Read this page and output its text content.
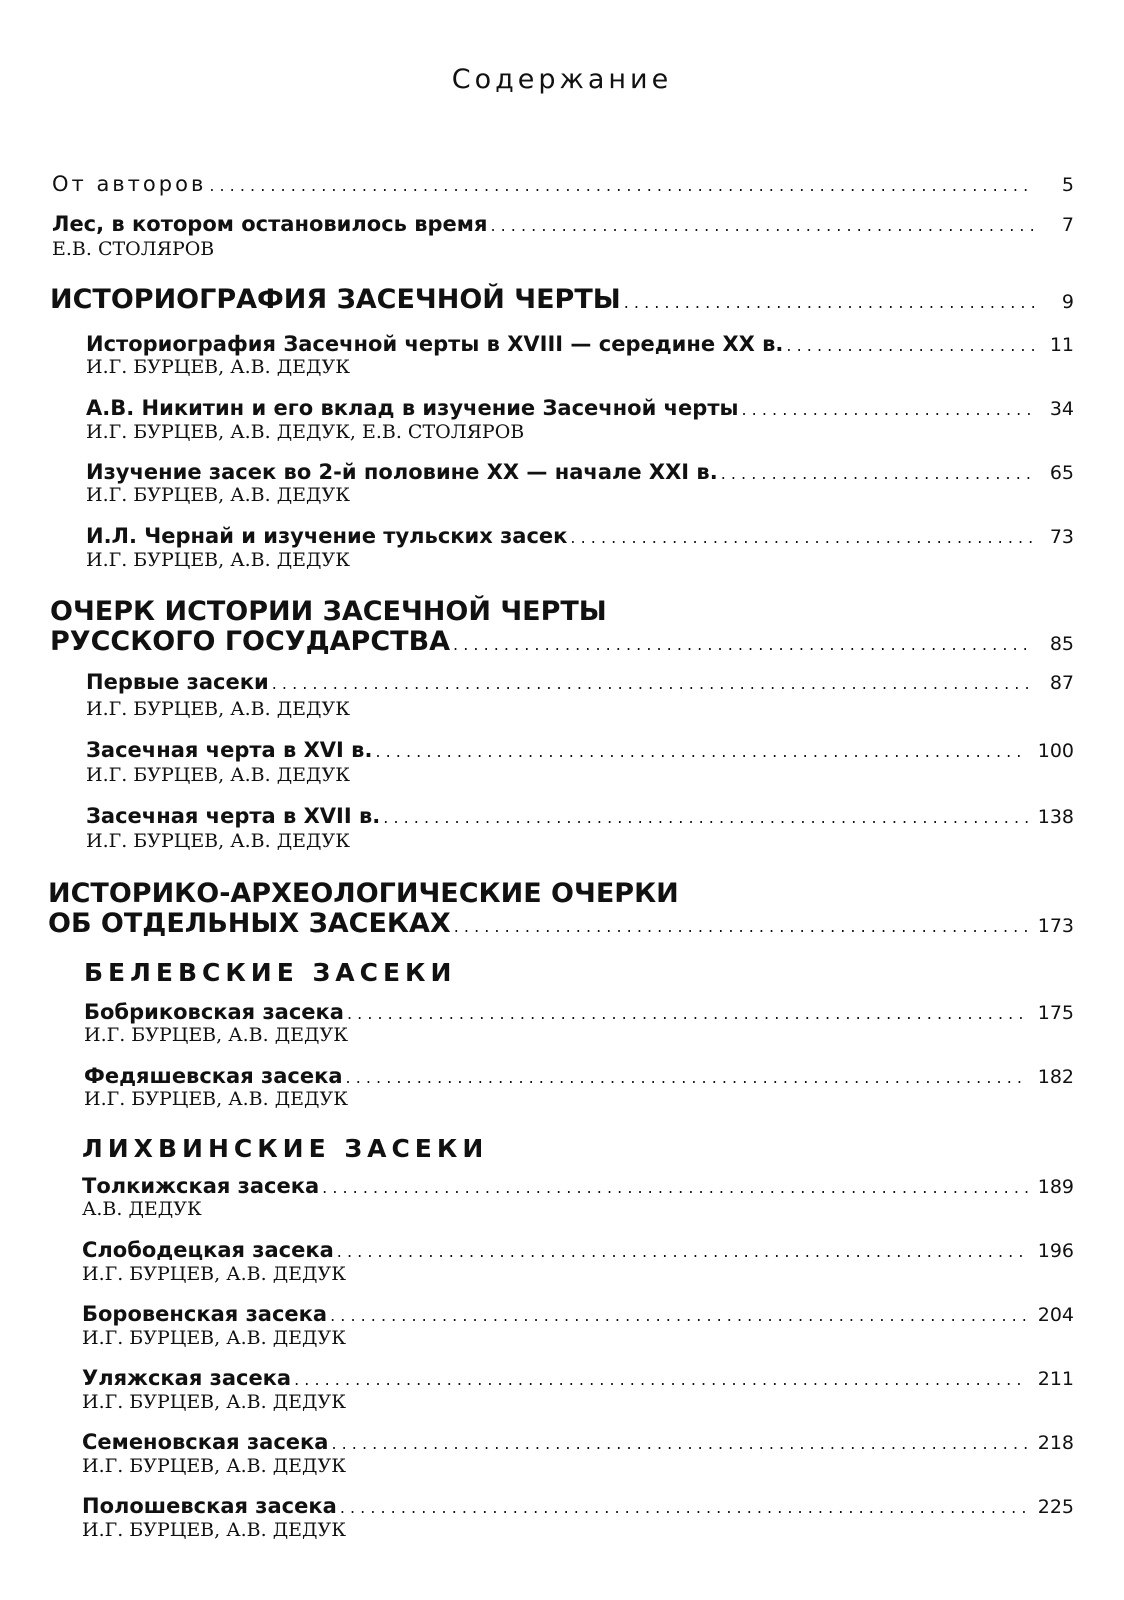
Содержание
От авторов . . .	5
Лес, в котором остановилось время . . .	7
Е.В. СТОЛЯРОВ
ИСТОРИОГРАФИЯ ЗАСЕЧНОЙ ЧЕРТЫ . . .	9
Историография Засечной черты в XVIII — середине XX в. . . .	11
И.Г. БУРЦЕВ, А.В. ДЕДУК
А.В. Никитин и его вклад в изучение Засечной черты . . .	34
И.Г. БУРЦЕВ, А.В. ДЕДУК, Е.В. СТОЛЯРОВ
Изучение засек во 2-й половине XX — начале XXI в. . . .	65
И.Г. БУРЦЕВ, А.В. ДЕДУК
И.Л. Чернай и изучение тульских засек . . .	73
И.Г. БУРЦЕВ, А.В. ДЕДУК
ОЧЕРК ИСТОРИИ ЗАСЕЧНОЙ ЧЕРТЫ
РУССКОГО ГОСУДАРСТВА . . .	85
Первые засеки . . .	87
И.Г. БУРЦЕВ, А.В. ДЕДУК
Засечная черта в XVI в. . . .	100
И.Г. БУРЦЕВ, А.В. ДЕДУК
Засечная черта в XVII в. . . .	138
И.Г. БУРЦЕВ, А.В. ДЕДУК
ИСТОРИКО-АРХЕОЛОГИЧЕСКИЕ ОЧЕРКИ
ОБ ОТДЕЛЬНЫХ ЗАСЕКАХ . . .	173
БЕЛЕВСКИЕ ЗАСЕКИ
Бобриковская засека . . .	175
И.Г. БУРЦЕВ, А.В. ДЕДУК
Федяшевская засека . . .	182
И.Г. БУРЦЕВ, А.В. ДЕДУК
ЛИХВИНСКИЕ ЗАСЕКИ
Толкижская засека . . .	189
А.В. ДЕДУК
Слободецкая засека . . .	196
И.Г. БУРЦЕВ, А.В. ДЕДУК
Боровенская засека . . .	204
И.Г. БУРЦЕВ, А.В. ДЕДУК
Уляжская засека . . .	211
И.Г. БУРЦЕВ, А.В. ДЕДУК
Семеновская засека . . .	218
И.Г. БУРЦЕВ, А.В. ДЕДУК
Полошевская засека . . .	225
И.Г. БУРЦЕВ, А.В. ДЕДУК
